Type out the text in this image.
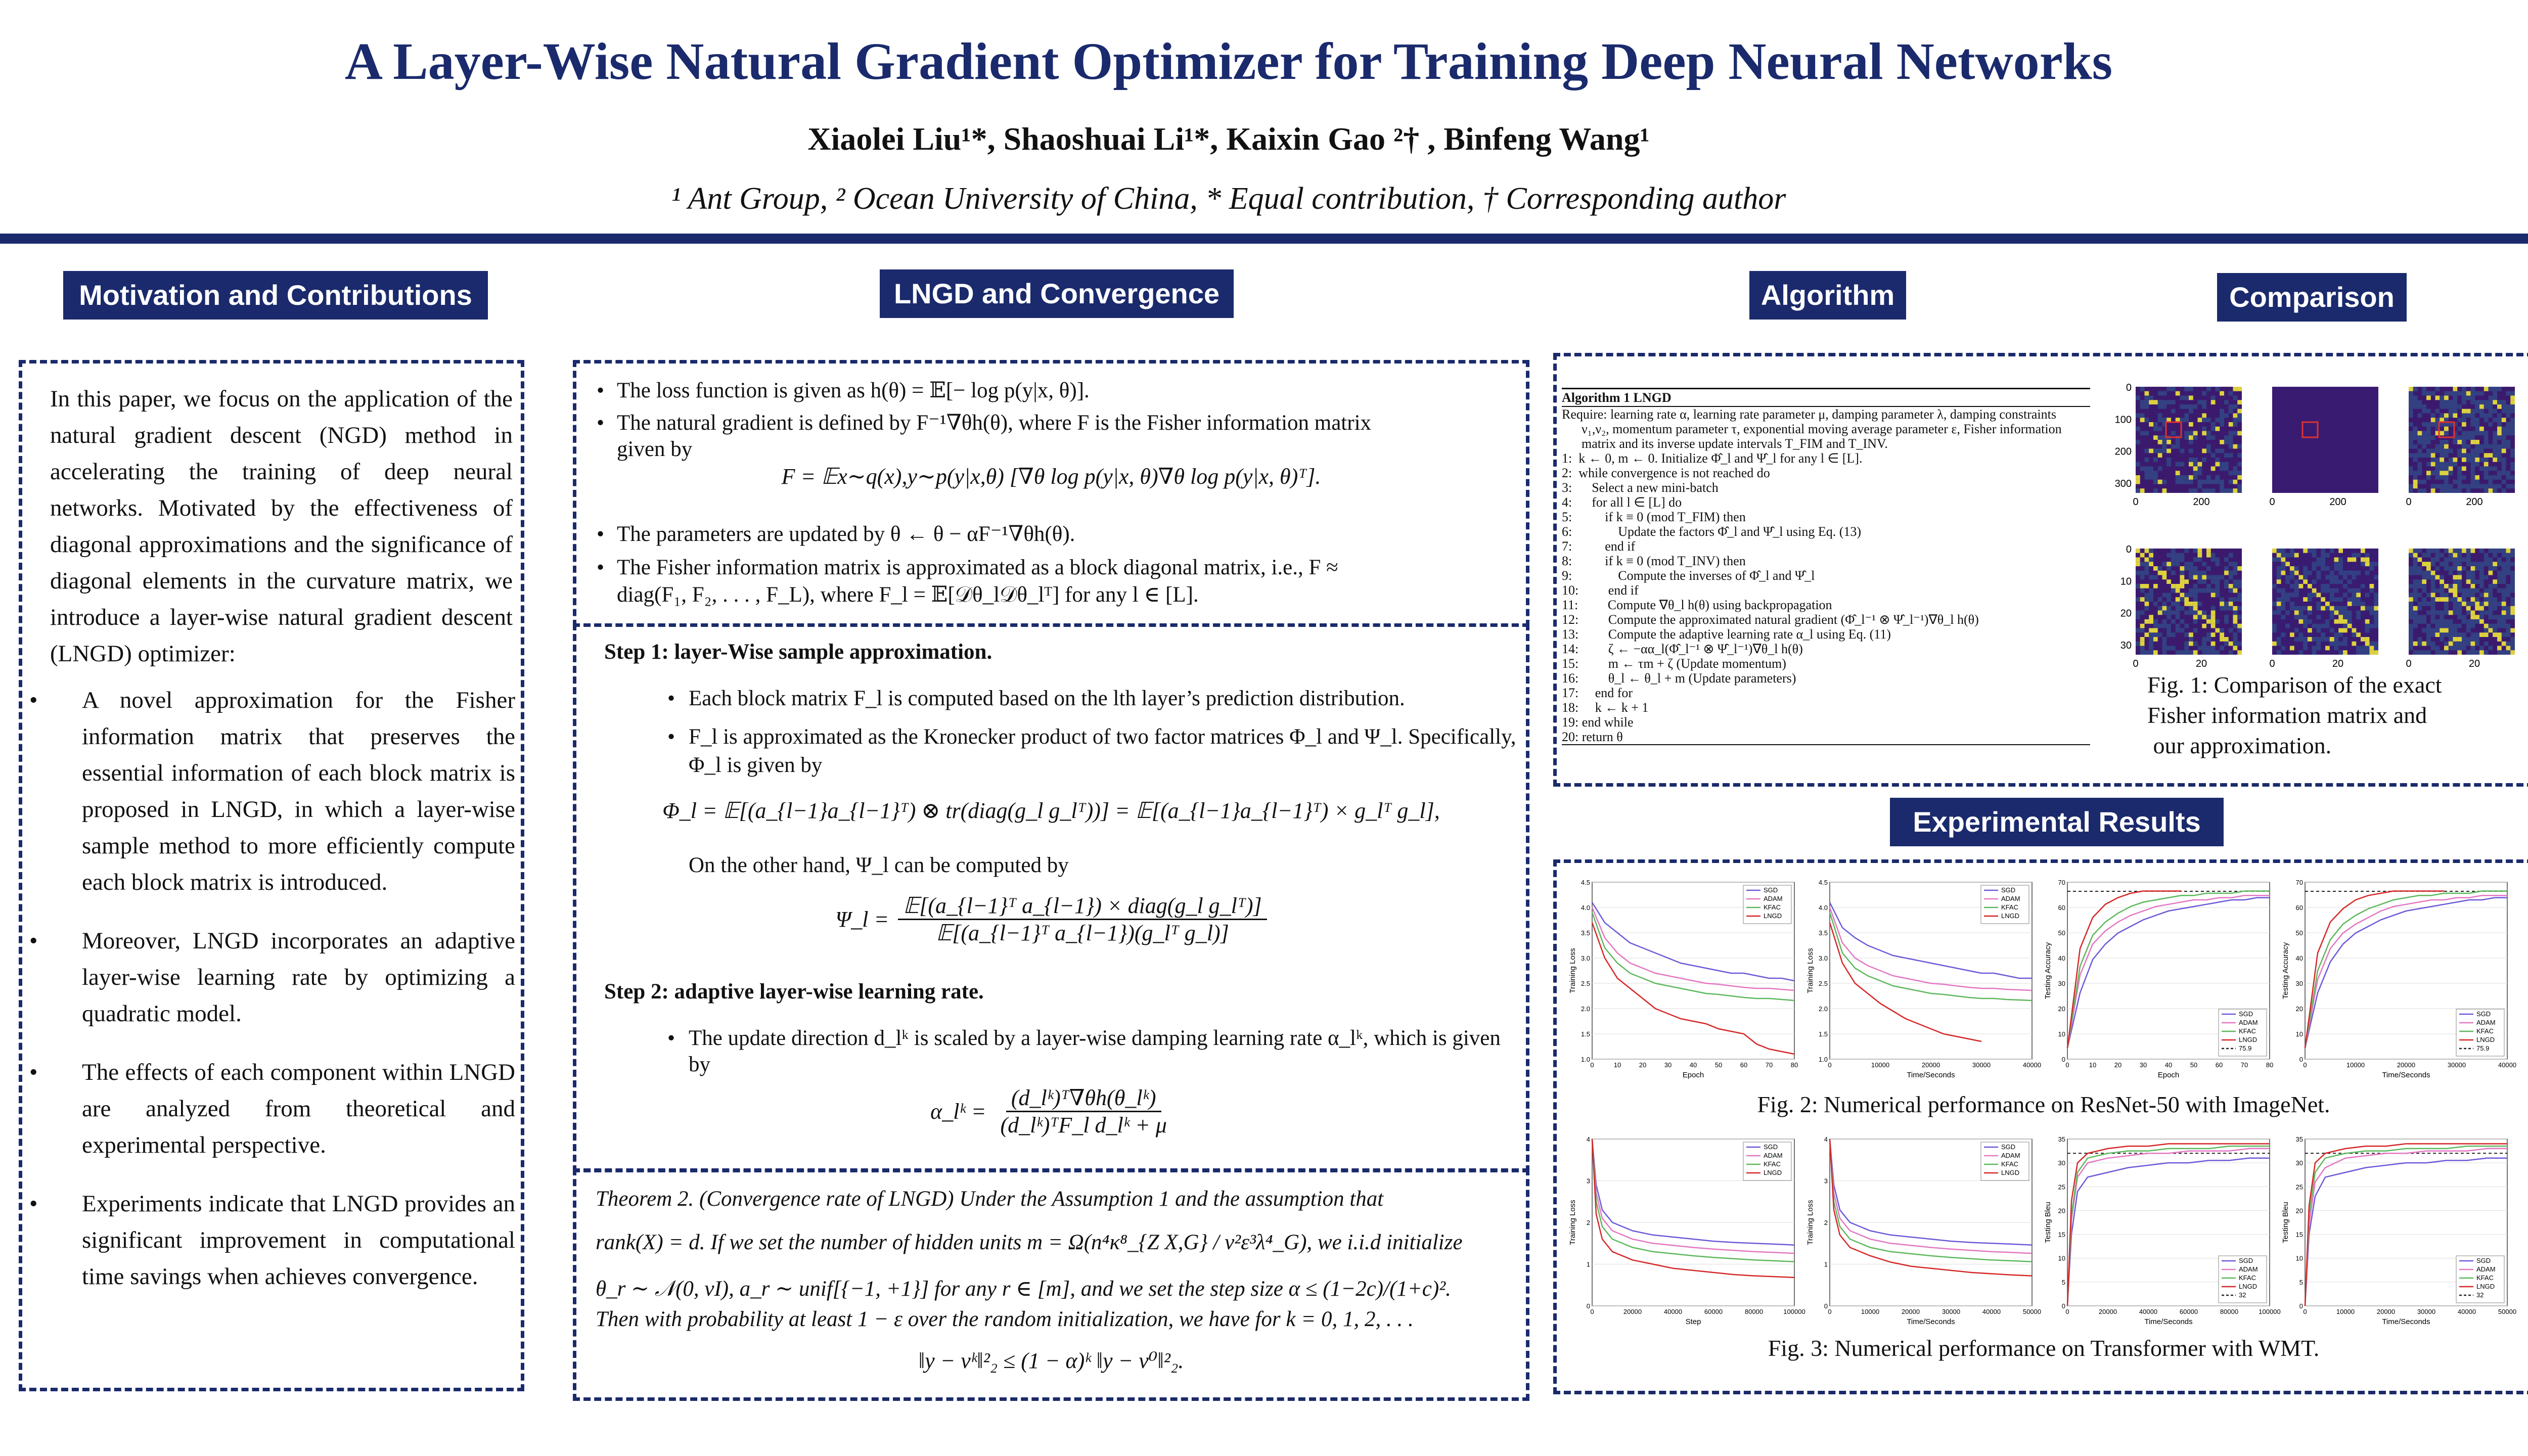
A Layer-Wise Natural Gradient Optimizer for Training Deep Neural Networks
Xiaolei Liu¹*, Shaoshuai Li¹*, Kaixin Gao ²† , Binfeng Wang¹
¹ Ant Group, ² Ocean University of China, * Equal contribution, † Corresponding author
Motivation and Contributions	LNGD and Convergence	Algorithm	Comparison
Experimental Results
In this paper, we focus on the application of the natural gradient descent (NGD) method in accelerating the training of deep neural networks. Motivated by the effectiveness of diagonal approximations and the significance of diagonal elements in the curvature matrix, we introduce a layer-wise natural gradient descent (LNGD) optimizer:
• A novel approximation for the Fisher information matrix that preserves the essential information of each block matrix is proposed in LNGD, in which a layer-wise sample method to more efficiently compute each block matrix is introduced.
• Moreover, LNGD incorporates an adaptive layer-wise learning rate by optimizing a quadratic model.
• The effects of each component within LNGD are analyzed from theoretical and experimental perspective.
• Experiments indicate that LNGD provides an significant improvement in computational time savings when achieves convergence.
• The loss function is given as h(θ) = 𝔼[− log p(y|x, θ)].
• The natural gradient is defined by F⁻¹∇θh(θ), where F is the Fisher information matrix
given by
F = 𝔼x∼q(x),y∼p(y|x,θ) [∇θ log p(y|x, θ)∇θ log p(y|x, θ)ᵀ].
• The parameters are updated by θ ← θ − αF⁻¹∇θh(θ).
• The Fisher information matrix is approximated as a block diagonal matrix, i.e., F ≈
diag(F₁, F₂, . . . , F_L), where F_l = 𝔼[𝒟θ_l𝒟θ_lᵀ] for any l ∈ [L].
Step 1: layer-Wise sample approximation.
• Each block matrix F_l is computed based on the lth layer’s prediction distribution.
• F_l is approximated as the Kronecker product of two factor matrices Φ_l and Ψ_l. Specifically,
Φ_l is given by
Φ_l = 𝔼[(a_{l−1}a_{l−1}ᵀ) ⊗ tr(diag(g_l g_lᵀ))] = 𝔼[(a_{l−1}a_{l−1}ᵀ) × g_lᵀ g_l],
On the other hand, Ψ_l can be computed by
Ψ_l =
𝔼[(a_{l−1}ᵀ a_{l−1}) × diag(g_l g_lᵀ)]
𝔼[(a_{l−1}ᵀ a_{l−1})(g_lᵀ g_l)]
Step 2: adaptive layer-wise learning rate.
• The update direction d_lᵏ is scaled by a layer-wise damping learning rate α_lᵏ, which is given
by
α_lᵏ = $\frac{\text{(d\_lᵏ)ᵀ∇θh(θ\_lᵏ)}}{\text{(d\_lᵏ)ᵀF\_l d\_lᵏ + μ}}$
Theorem 2. (Convergence rate of LNGD) Under the Assumption 1 and the assumption that
rank(X) = d. If we set the number of hidden units m = Ω(n⁴κ⁸_{Z X,G} / ν²ε³λ⁴_G), we i.i.d initialize
θ_r ∼ 𝒩(0, νI), a_r ∼ unif[{−1, +1}] for any r ∈ [m], and we set the step size α ≤ (1−2c)/(1+c)².
Then with probability at least 1 − ε over the random initialization, we have for k = 0, 1, 2, . . .
‖y − vᵏ‖²₂ ≤ (1 − α)ᵏ ‖y − v⁰‖²₂.
Algorithm 1 LNGD
Require: learning rate α, learning rate parameter μ, damping parameter λ, damping constraints
ν₁,ν₂, momentum parameter τ, exponential moving average parameter ε, Fisher information
matrix and its inverse update intervals T_FIM and T_INV.
1:  k ← 0, m ← 0. Initialize Φ̂_l and Ψ̂_l for any l ∈ [L].
2:  while convergence is not reached do
3:      Select a new mini-batch
4:      for all l ∈ [L] do
5:          if k ≡ 0 (mod T_FIM) then
6:              Update the factors Φ̂_l and Ψ̂_l using Eq. (13)
7:          end if
8:          if k ≡ 0 (mod T_INV) then
9:              Compute the inverses of Φ̂_l and Ψ̂_l
10:         end if
11:         Compute ∇θ_l h(θ) using backpropagation
12:         Compute the approximated natural gradient (Φ̂_l⁻¹ ⊗ Ψ̂_l⁻¹)∇θ_l h(θ)
13:         Compute the adaptive learning rate α_l using Eq. (11)
14:         ζ ← −αα_l(Φ̂_l⁻¹ ⊗ Ψ̂_l⁻¹)∇θ_l h(θ)
15:         m ← τm + ζ (Update momentum)
16:         θ_l ← θ_l + m (Update parameters)
17:     end for
18:     k ← k + 1
19: end while
20: return θ
0
100
200
300
0	200	0	200	0	200
0
10
20
30
0	20	0	20	0	20
Fig. 1: Comparison of the exact
Fisher information matrix and
our approximation.
1.0
1.5
2.0
2.5
3.0
3.5
4.0
4.5
0	10	20	30	40	50	60	70	80
Epoch
Training Loss
SGD
ADAM
KFAC
LNGD
1.0
1.5
2.0
2.5
3.0
3.5
4.0
4.5
0	10000	20000	30000	40000
Time/Seconds
Training Loss
SGD
ADAM
KFAC
LNGD
0
10
20
30
40
50
60
70
0	10	20	30	40	50	60	70	80
Epoch
Testing Accuracy
SGD
ADAM
KFAC
LNGD
75.9
0
10
20
30
40
50
60
70
0	10000	20000	30000	40000
Time/Seconds
Testing Accuracy
SGD
ADAM
KFAC
LNGD
75.9
Fig. 2: Numerical performance on ResNet-50 with ImageNet.
0
1
2
3
4
0	20000	40000	60000	80000	100000
Step
Training Loss
SGD
ADAM
KFAC
LNGD
0
1
2
3
4
0	10000	20000	30000	40000	50000
Time/Seconds
Training Loss
SGD
ADAM
KFAC
LNGD
0
5
10
15
20
25
30
35
0	20000	40000	60000	80000	100000
Time/Seconds
Testing Bleu
SGD
ADAM
KFAC
LNGD
32
0
5
10
15
20
25
30
35
0	10000	20000	30000	40000	50000
Time/Seconds
Testing Bleu
SGD
ADAM
KFAC
LNGD
32
Fig. 3: Numerical performance on Transformer with WMT.
